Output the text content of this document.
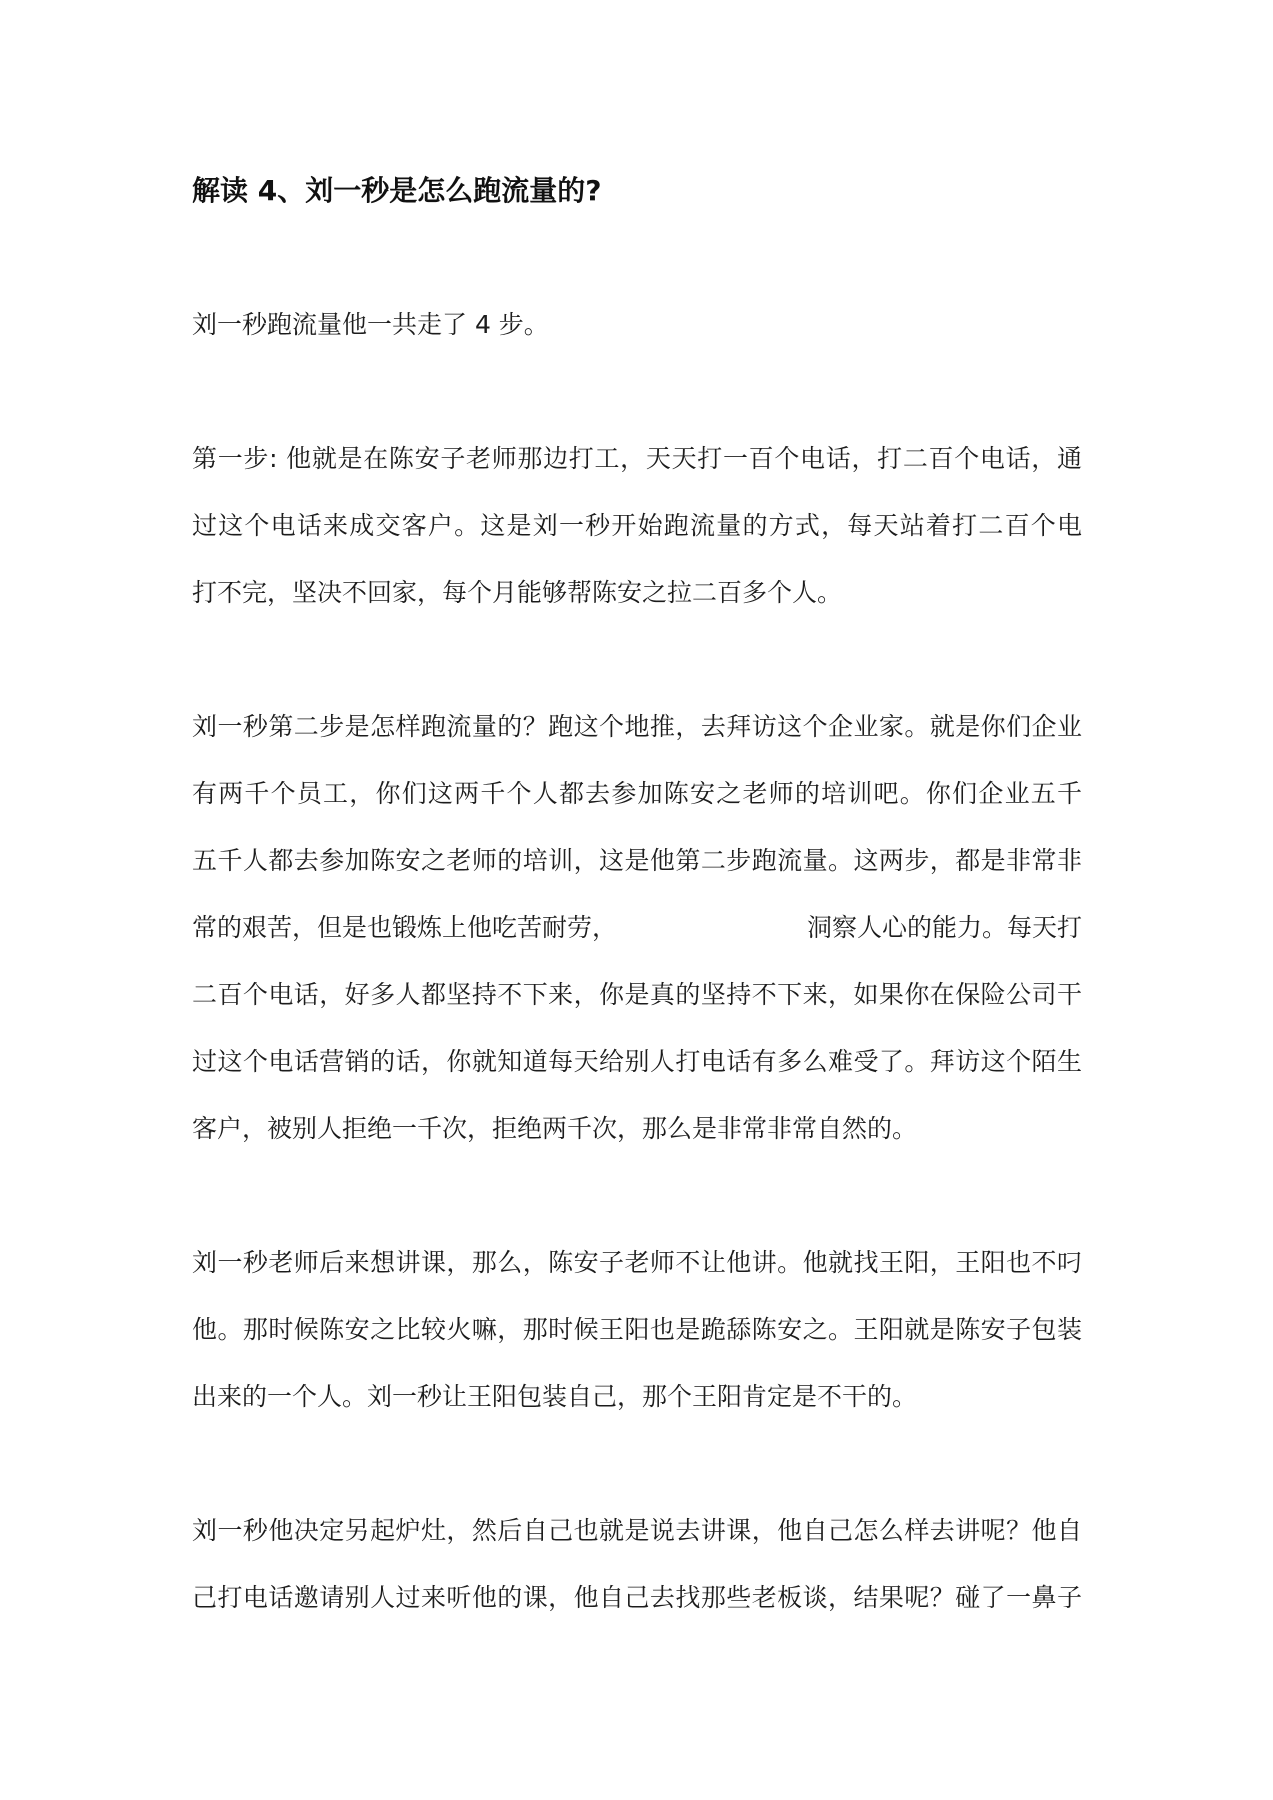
解读 4、刘一秒是怎么跑流量的?
刘一秒跑流量他一共走了 4 步。
第一步: 他就是在陈安子老师那边打工，天天打一百个电话，打二百个电话，通
过这个电话来成交客户。这是刘一秒开始跑流量的方式，每天站着打二百个电
打不完，坚决不回家，每个月能够帮陈安之拉二百多个人。
刘一秒第二步是怎样跑流量的？跑这个地推，去拜访这个企业家。就是你们企业
有两千个员工，你们这两千个人都去参加陈安之老师的培训吧。你们企业五千
五千人都去参加陈安之老师的培训，这是他第二步跑流量。这两步，都是非常非
常的艰苦，但是也锻炼上他吃苦耐劳，	洞察人心的能力。每天打
二百个电话，好多人都坚持不下来，你是真的坚持不下来，如果你在保险公司干
过这个电话营销的话，你就知道每天给别人打电话有多么难受了。拜访这个陌生
客户，被别人拒绝一千次，拒绝两千次，那么是非常非常自然的。
刘一秒老师后来想讲课，那么，陈安子老师不让他讲。他就找王阳，王阳也不叼
他。那时候陈安之比较火嘛，那时候王阳也是跪舔陈安之。王阳就是陈安子包装
出来的一个人。刘一秒让王阳包装自己，那个王阳肯定是不干的。
刘一秒他决定另起炉灶，然后自己也就是说去讲课，他自己怎么样去讲呢？他自
己打电话邀请别人过来听他的课，他自己去找那些老板谈，结果呢？碰了一鼻子
